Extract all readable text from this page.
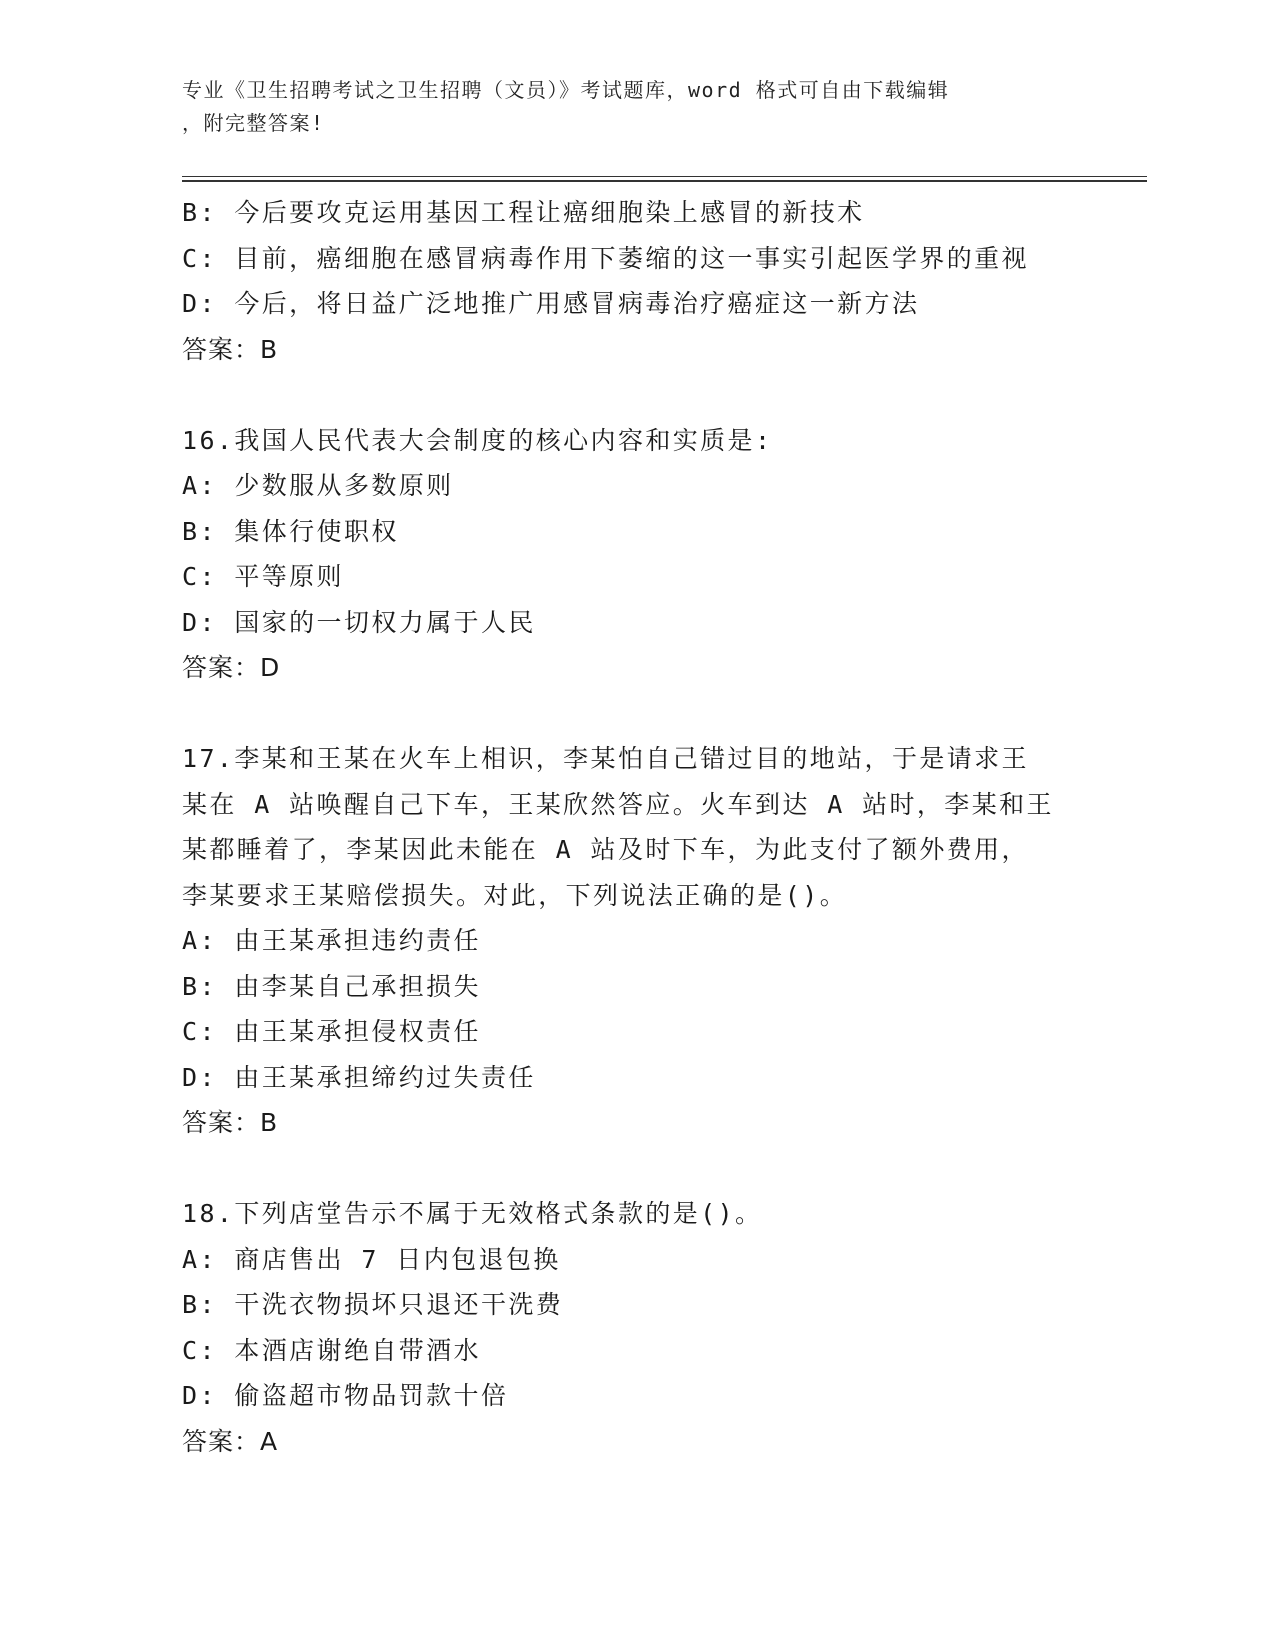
专业《卫生招聘考试之卫生招聘（文员）》考试题库，word 格式可自由下载编辑
，附完整答案!
B: 今后要攻克运用基因工程让癌细胞染上感冒的新技术
C: 目前，癌细胞在感冒病毒作用下萎缩的这一事实引起医学界的重视
D: 今后，将日益广泛地推广用感冒病毒治疗癌症这一新方法
答案：B
16.我国人民代表大会制度的核心内容和实质是:
A: 少数服从多数原则
B: 集体行使职权
C: 平等原则
D: 国家的一切权力属于人民
答案：D
17.李某和王某在火车上相识，李某怕自己错过目的地站，于是请求王
某在 A 站唤醒自己下车，王某欣然答应。火车到达 A 站时，李某和王
某都睡着了，李某因此未能在 A 站及时下车，为此支付了额外费用，
李某要求王某赔偿损失。对此，下列说法正确的是()。
A: 由王某承担违约责任
B: 由李某自己承担损失
C: 由王某承担侵权责任
D: 由王某承担缔约过失责任
答案：B
18.下列店堂告示不属于无效格式条款的是()。
A: 商店售出 7 日内包退包换
B: 干洗衣物损坏只退还干洗费
C: 本酒店谢绝自带酒水
D: 偷盗超市物品罚款十倍
答案：A
